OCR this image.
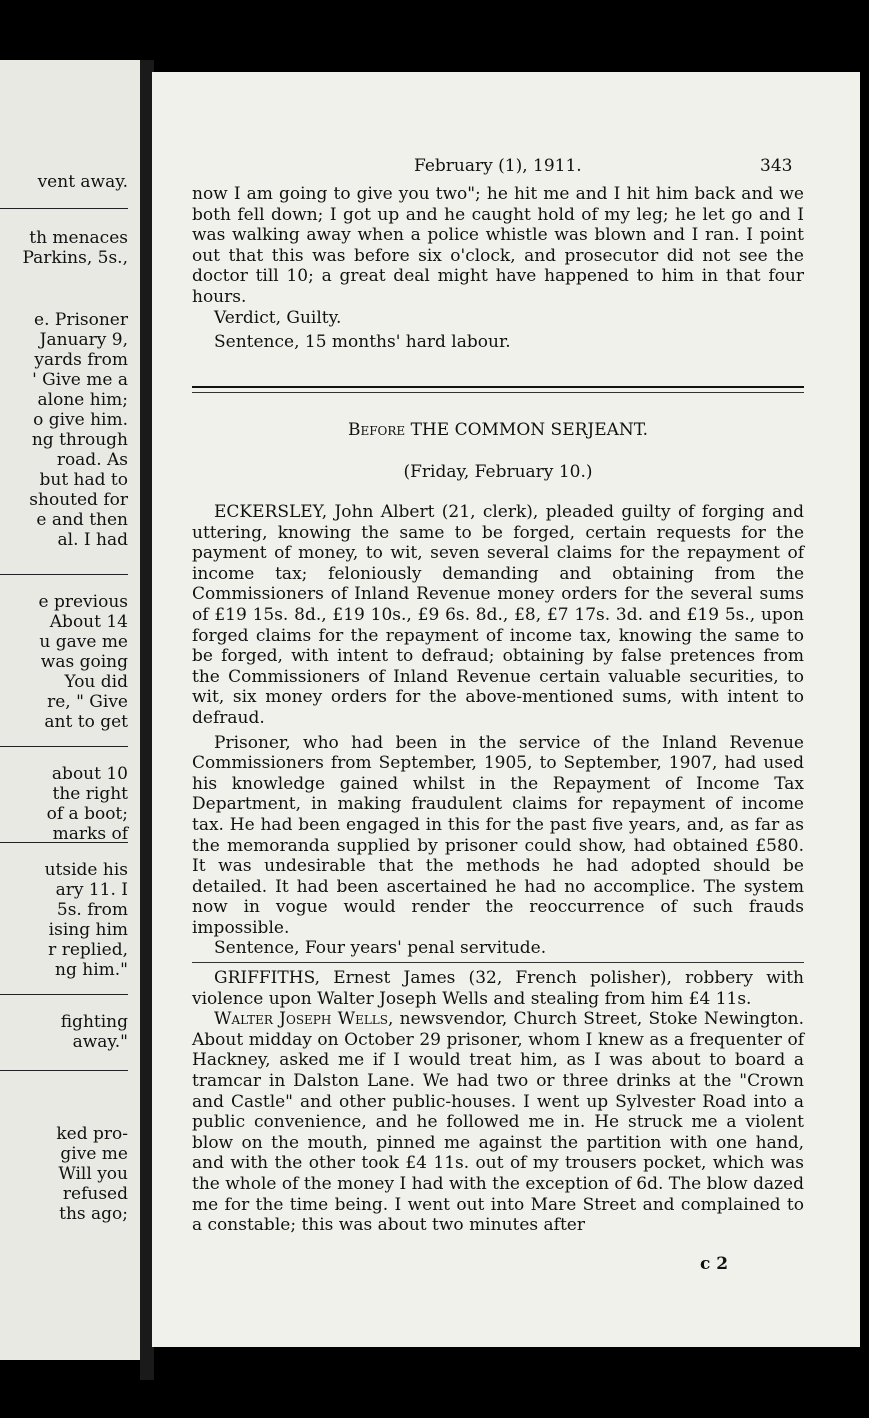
vent away.
th menaces
Parkins, 5s.,
e. Prisoner
January 9,
yards from
' Give me a
alone him;
o give him.
ng through
road. As
but had to
shouted for
e and then
al. I had
e previous
About 14
u gave me
was going
You did
re, " Give
ant to get
about 10
the right
of a boot;
marks of
utside his
ary 11. I
5s. from
ising him
r replied,
ng him."
fighting
away."
ked pro-
give me
Will you
refused
ths ago;
February (1), 1911.	343

now I am going to give you two"; he hit me and I hit him back and we both fell down; I got up and he caught hold of my leg; he let go and I was walking away when a police whistle was blown and I ran. I point out that this was before six o'clock, and prosecutor did not see the doctor till 10; a great deal might have happened to him in that four hours.

Verdict, Guilty.

Sentence, 15 months' hard labour.

Before THE COMMON SERJEANT.
(Friday, February 10.)

ECKERSLEY, John Albert (21, clerk), pleaded guilty of forging and uttering, knowing the same to be forged, certain requests for the payment of money, to wit, seven several claims for the repayment of income tax; feloniously demanding and obtaining from the Commissioners of Inland Revenue money orders for the several sums of £19 15s. 8d., £19 10s., £9 6s. 8d., £8, £7 17s. 3d. and £19 5s., upon forged claims for the repayment of income tax, knowing the same to be forged, with intent to defraud; obtaining by false pretences from the Commissioners of Inland Revenue certain valuable securities, to wit, six money orders for the above-mentioned sums, with intent to defraud.

Prisoner, who had been in the service of the Inland Revenue Commissioners from September, 1905, to September, 1907, had used his knowledge gained whilst in the Repayment of Income Tax Department, in making fraudulent claims for repayment of income tax. He had been engaged in this for the past five years, and, as far as the memoranda supplied by prisoner could show, had obtained £580. It was undesirable that the methods he had adopted should be detailed. It had been ascertained he had no accomplice. The system now in vogue would render the reoccurrence of such frauds impossible.

Sentence, Four years' penal servitude.

GRIFFITHS, Ernest James (32, French polisher), robbery with violence upon Walter Joseph Wells and stealing from him £4 11s.

Walter Joseph Wells, newsvendor, Church Street, Stoke Newington. About midday on October 29 prisoner, whom I knew as a frequenter of Hackney, asked me if I would treat him, as I was about to board a tramcar in Dalston Lane. We had two or three drinks at the "Crown and Castle" and other public-houses. I went up Sylvester Road into a public convenience, and he followed me in. He struck me a violent blow on the mouth, pinned me against the partition with one hand, and with the other took £4 11s. out of my trousers pocket, which was the whole of the money I had with the exception of 6d. The blow dazed me for the time being. I went out into Mare Street and complained to a constable; this was about two minutes after

c 2
